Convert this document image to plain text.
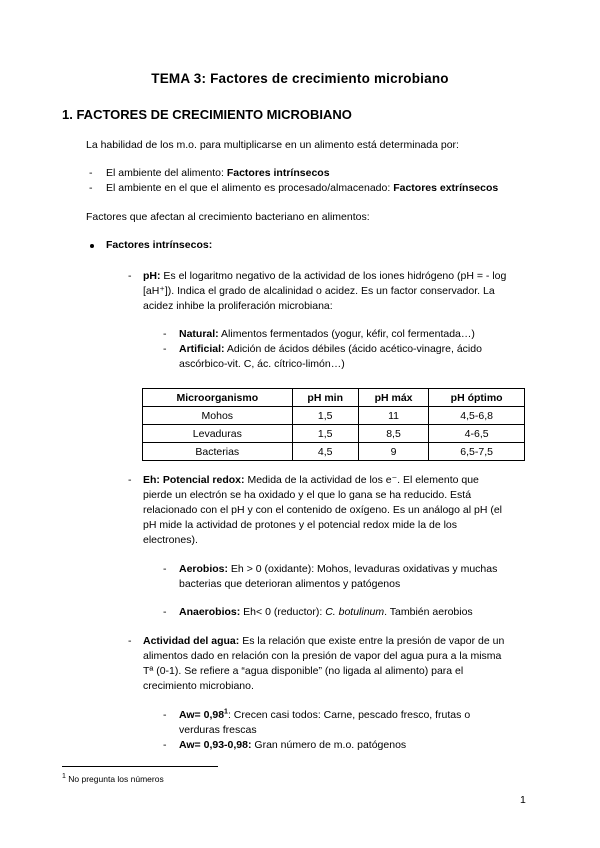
TEMA 3: Factores de crecimiento microbiano
1. FACTORES DE CRECIMIENTO MICROBIANO
La habilidad de los m.o. para multiplicarse en un alimento está determinada por:
- El ambiente del alimento: Factores intrínsecos
- El ambiente en el que el alimento es procesado/almacenado: Factores extrínsecos
Factores que afectan al crecimiento bacteriano en alimentos:
Factores intrínsecos:
- pH: Es el logaritmo negativo de la actividad de los iones hidrógeno (pH = - log
[aH⁺]). Indica el grado de alcalinidad o acidez. Es un factor conservador. La
acidez inhibe la proliferación microbiana:
- Natural: Alimentos fermentados (yogur, kéfir, col fermentada…)
- Artificial: Adición de ácidos débiles (ácido acético-vinagre, ácido
ascórbico-vit. C, ác. cítrico-limón…)
Microorganismo	pH min	pH máx	pH óptimo
Mohos	1,5	11	4,5-6,8
Levaduras	1,5	8,5	4-6,5
Bacterias	4,5	9	6,5-7,5
- Eh: Potencial redox: Medida de la actividad de los e⁻. El elemento que
pierde un electrón se ha oxidado y el que lo gana se ha reducido. Está
relacionado con el pH y con el contenido de oxígeno. Es un análogo al pH (el
pH mide la actividad de protones y el potencial redox mide la de los
electrones).
- Aerobios: Eh > 0 (oxidante): Mohos, levaduras oxidativas y muchas
bacterias que deterioran alimentos y patógenos
- Anaerobios: Eh< 0 (reductor): C. botulinum. También aerobios
- Actividad del agua: Es la relación que existe entre la presión de vapor de un
alimentos dado en relación con la presión de vapor del agua pura a la misma
Tª (0-1). Se refiere a “agua disponible” (no ligada al alimento) para el
crecimiento microbiano.
- $Aw= 0,98^1$: Crecen casi todos: Carne, pescado fresco, frutas o
verduras frescas
- Aw= 0,93-0,98: Gran número de m.o. patógenos
$^1$ No pregunta los números
1
